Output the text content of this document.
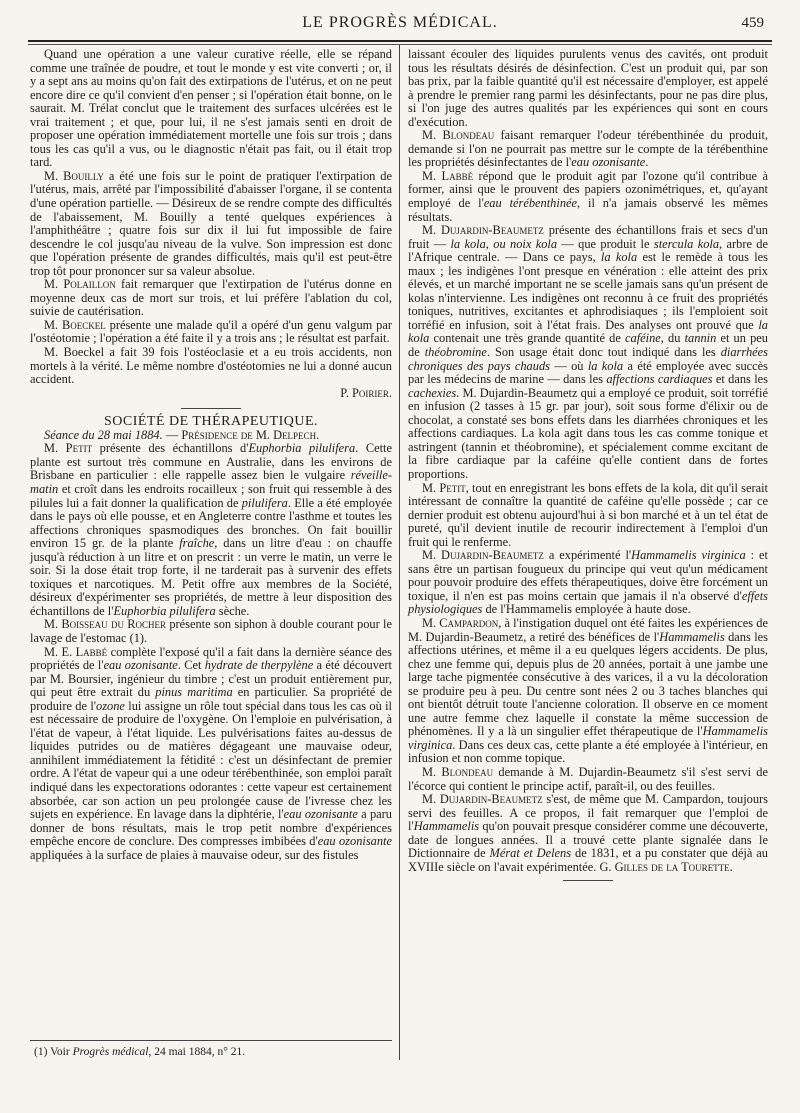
LE PROGRÈS MÉDICAL.	459

Quand une opération a une valeur curative réelle, elle se répand comme une traînée de poudre, et tout le monde y est vite converti ; or, il y a sept ans au moins qu'on fait des extirpations de l'utérus, et on ne peut encore dire ce qu'il convient d'en penser ; si l'opération était bonne, on le saurait. M. Trélat conclut que le traitement des surfaces ulcérées est le vrai traitement ; et que, pour lui, il ne s'est jamais senti en droit de proposer une opération immédiatement mortelle une fois sur trois ; dans tous les cas qu'il a vus, ou le diagnostic n'était pas fait, ou il était trop tard.

M. Bouilly a été une fois sur le point de pratiquer l'extirpation de l'utérus, mais, arrêté par l'impossibilité d'abaisser l'organe, il se contenta d'une opération partielle. — Désireux de se rendre compte des difficultés de l'abaissement, M. Bouilly a tenté quelques expériences à l'amphithéâtre ; quatre fois sur dix il lui fut impossible de faire descendre le col jusqu'au niveau de la vulve. Son impression est donc que l'opération présente de grandes difficultés, mais qu'il est peut-être trop tôt pour prononcer sur sa valeur absolue.

M. Polaillon fait remarquer que l'extirpation de l'utérus donne en moyenne deux cas de mort sur trois, et lui préfère l'ablation du col, suivie de cautérisation.

M. Boeckel présente une malade qu'il a opéré d'un genu valgum par l'ostéotomie ; l'opération a été faite il y a trois ans ; le résultat est parfait.

M. Boeckel a fait 39 fois l'ostéoclasie et a eu trois accidents, non mortels à la vérité. Le même nombre d'ostéotomies ne lui a donné aucun accident.

P. Poirier.

SOCIÉTÉ DE THÉRAPEUTIQUE.

Séance du 28 mai 1884. — Présidence de M. Delpech.

M. Petit présente des échantillons d'Euphorbia pilulifera. Cette plante est surtout très commune en Australie, dans les environs de Brisbane en particulier : elle rappelle assez bien le vulgaire réveille-matin et croît dans les endroits rocailleux ; son fruit qui ressemble à des pilules lui a fait donner la qualification de pilulifera. Elle a été employée dans le pays où elle pousse, et en Angleterre contre l'asthme et toutes les affections chroniques spasmodiques des bronches. On fait bouillir environ 15 gr. de la plante fraîche, dans un litre d'eau : on chauffe jusqu'à réduction à un litre et on prescrit : un verre le matin, un verre le soir. Si la dose était trop forte, il ne tarderait pas à survenir des effets toxiques et narcotiques. M. Petit offre aux membres de la Société, désireux d'expérimenter ses propriétés, de mettre à leur disposition des échantillons de l'Euphorbia pilulifera sèche.

M. Boisseau du Rocher présente son siphon à double courant pour le lavage de l'estomac (1).

M. E. Labbé complète l'exposé qu'il a fait dans la dernière séance des propriétés de l'eau ozonisante. Cet hydrate de therpylène a été découvert par M. Boursier, ingénieur du timbre ; c'est un produit entièrement pur, qui peut être extrait du pinus maritima en particulier. Sa propriété de produire de l'ozone lui assigne un rôle tout spécial dans tous les cas où il est nécessaire de produire de l'oxygène. On l'emploie en pulvérisation, à l'état de vapeur, à l'état liquide. Les pulvérisations faites au-dessus de liquides putrides ou de matières dégageant une mauvaise odeur, annihilent immédiatement la fétidité : c'est un désinfectant de premier ordre. A l'état de vapeur qui a une odeur térébenthinée, son emploi paraît indiqué dans les expectorations odorantes : cette vapeur est certainement absorbée, car son action un peu prolongée cause de l'ivresse chez les sujets en expérience. En lavage dans la diphtérie, l'eau ozonisante a paru donner de bons résultats, mais le trop petit nombre d'expériences empêche encore de conclure. Des compresses imbibées d'eau ozonisante appliquées à la surface de plaies à mauvaise odeur, sur des fistules

(1) Voir Progrès médical, 24 mai 1884, n° 21.

laissant écouler des liquides purulents venus des cavités, ont produit tous les résultats désirés de désinfection. C'est un produit qui, par son bas prix, par la faible quantité qu'il est nécessaire d'employer, est appelé à prendre le premier rang parmi les désinfectants, pour ne pas dire plus, si l'on juge des autres qualités par les expériences qui sont en cours d'exécution.

M. Blondeau faisant remarquer l'odeur térébenthinée du produit, demande si l'on ne pourrait pas mettre sur le compte de la térébenthine les propriétés désinfectantes de l'eau ozonisante.

M. Labbé répond que le produit agit par l'ozone qu'il contribue à former, ainsi que le prouvent des papiers ozonimétriques, et, qu'ayant employé de l'eau térébenthinée, il n'a jamais observé les mêmes résultats.

M. Dujardin-Beaumetz présente des échantillons frais et secs d'un fruit — la kola, ou noix kola — que produit le stercula kola, arbre de l'Afrique centrale. — Dans ce pays, la kola est le remède à tous les maux ; les indigènes l'ont presque en vénération : elle atteint des prix élevés, et un marché important ne se scelle jamais sans qu'un présent de kolas n'intervienne. Les indigènes ont reconnu à ce fruit des propriétés toniques, nutritives, excitantes et aphrodisiaques ; ils l'emploient soit torréfié en infusion, soit à l'état frais. Des analyses ont prouvé que la kola contenait une très grande quantité de caféine, du tannin et un peu de théobromine. Son usage était donc tout indiqué dans les diarrhées chroniques des pays chauds — où la kola a été employée avec succès par les médecins de marine — dans les affections cardiaques et dans les cachexies. M. Dujardin-Beaumetz qui a employé ce produit, soit torréfié en infusion (2 tasses à 15 gr. par jour), soit sous forme d'élixir ou de chocolat, a constaté ses bons effets dans les diarrhées chroniques et les affections cardiaques. La kola agit dans tous les cas comme tonique et astringent (tannin et théobromine), et spécialement comme excitant de la fibre cardiaque par la caféine qu'elle contient dans de fortes proportions.

M. Petit, tout en enregistrant les bons effets de la kola, dit qu'il serait intéressant de connaître la quantité de caféine qu'elle possède ; car ce dernier produit est obtenu aujourd'hui à si bon marché et à un tel état de pureté, qu'il devient inutile de recourir indirectement à l'emploi d'un fruit qui le renferme.

M. Dujardin-Beaumetz a expérimenté l'Hammamelis virginica : et sans être un partisan fougueux du principe qui veut qu'un médicament pour pouvoir produire des effets thérapeutiques, doive être forcément un toxique, il n'en est pas moins certain que jamais il n'a observé d'effets physiologiques de l'Hammamelis employée à haute dose.

M. Campardon, à l'instigation duquel ont été faites les expériences de M. Dujardin-Beaumetz, a retiré des bénéfices de l'Hammamelis dans les affections utérines, et même il a eu quelques légers accidents. De plus, chez une femme qui, depuis plus de 20 années, portait à une jambe une large tache pigmentée consécutive à des varices, il a vu la décoloration se produire peu à peu. Du centre sont nées 2 ou 3 taches blanches qui ont bientôt détruit toute l'ancienne coloration. Il observe en ce moment une autre femme chez laquelle il constate la même succession de phénomènes. Il y a là un singulier effet thérapeutique de l'Hammamelis virginica. Dans ces deux cas, cette plante a été employée à l'intérieur, en infusion et non comme topique.

M. Blondeau demande à M. Dujardin-Beaumetz s'il s'est servi de l'écorce qui contient le principe actif, paraît-il, ou des feuilles.

M. Dujardin-Beaumetz s'est, de même que M. Campardon, toujours servi des feuilles. A ce propos, il fait remarquer que l'emploi de l'Hammamelis qu'on pouvait presque considérer comme une découverte, date de longues années. Il a trouvé cette plante signalée dans le Dictionnaire de Mérat et Delens de 1831, et a pu constater que déjà au XVIIIe siècle on l'avait expérimentée. G. Gilles de la Tourette.
